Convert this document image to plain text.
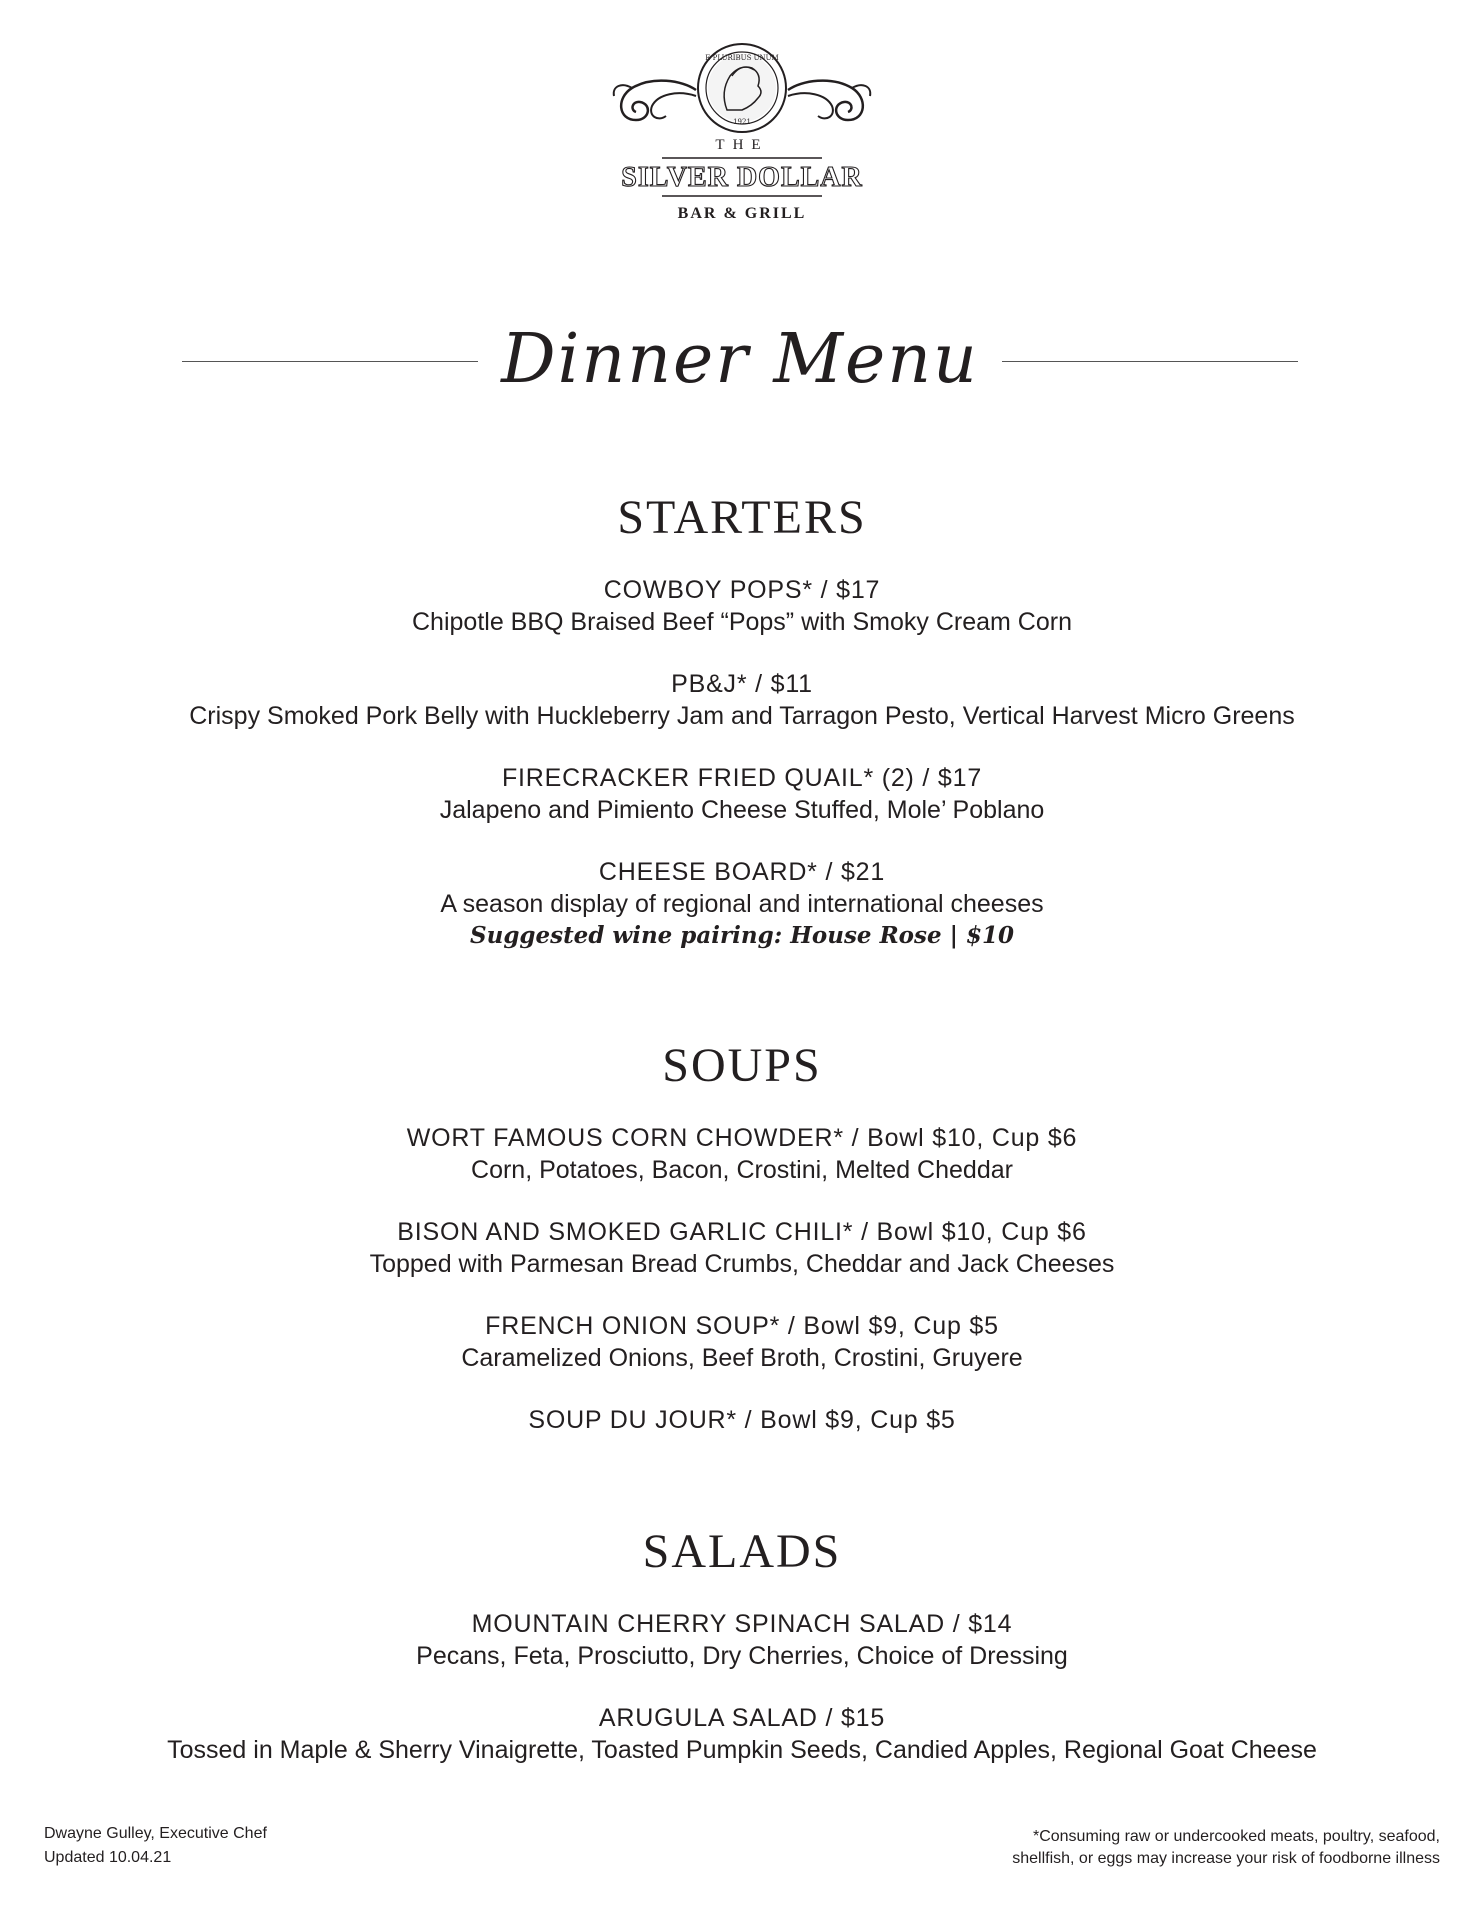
E PLURIBUS UNUM
1921
THE
SILVER DOLLAR
BAR & GRILL
Dinner Menu
STARTERS
COWBOY POPS* / $17
Chipotle BBQ Braised Beef “Pops” with Smoky Cream Corn
PB&J* / $11
Crispy Smoked Pork Belly with Huckleberry Jam and Tarragon Pesto, Vertical Harvest Micro Greens
FIRECRACKER FRIED QUAIL* (2) / $17
Jalapeno and Pimiento Cheese Stuffed, Mole’ Poblano
CHEESE BOARD* / $21
A season display of regional and international cheeses
Suggested wine pairing: House Rose | $10
SOUPS
WORT FAMOUS CORN CHOWDER* / Bowl $10, Cup $6
Corn, Potatoes, Bacon, Crostini, Melted Cheddar
BISON AND SMOKED GARLIC CHILI* / Bowl $10, Cup $6
Topped with Parmesan Bread Crumbs, Cheddar and Jack Cheeses
FRENCH ONION SOUP* / Bowl $9, Cup $5
Caramelized Onions, Beef Broth, Crostini, Gruyere
SOUP DU JOUR* / Bowl $9, Cup $5
SALADS
MOUNTAIN CHERRY SPINACH SALAD / $14
Pecans, Feta, Prosciutto, Dry Cherries, Choice of Dressing
ARUGULA SALAD / $15
Tossed in Maple & Sherry Vinaigrette, Toasted Pumpkin Seeds, Candied Apples, Regional Goat Cheese
Dwayne Gulley, Executive Chef
Updated 10.04.21
*Consuming raw or undercooked meats, poultry, seafood,
shellfish, or eggs may increase your risk of foodborne illness
